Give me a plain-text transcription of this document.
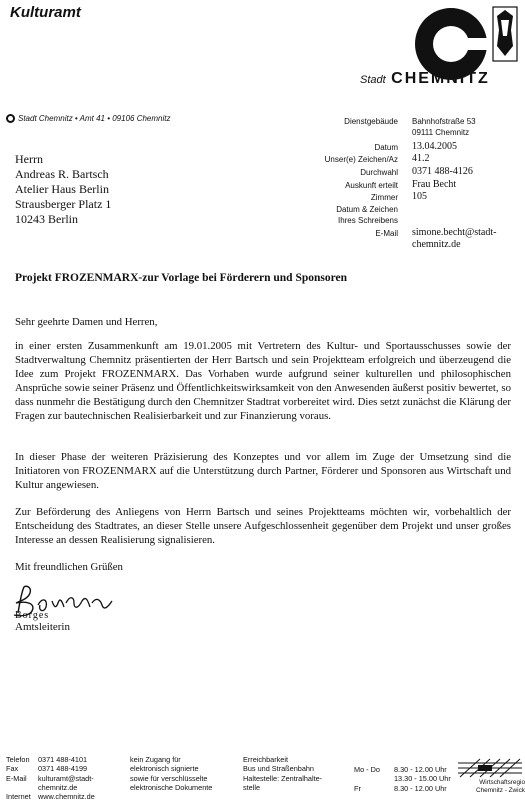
Kulturamt
Stadt CHEMNITZ
Stadt Chemnitz • Amt 41 • 09106 Chemnitz	Dienstgebäude Bahnhofstraße 53
09111 Chemnitz
Datum 13.04.2005
Unser(e) Zeichen/Az 41.2
Durchwahl 0371 488-4126
Auskunft erteilt Frau Becht
Zimmer 105
Datum & Zeichen
Ihres Schreibens
E-Mail simone.becht@stadt-
chemnitz.de
Herrn
Andreas R. Bartsch
Atelier Haus Berlin
Strausberger Platz 1
10243 Berlin
Projekt FROZENMARX-zur Vorlage bei Förderern und Sponsoren
Sehr geehrte Damen und Herren,
in einer ersten Zusammenkunft am 19.01.2005 mit Vertretern des Kultur- und Sportausschusses sowie der Stadtverwaltung Chemnitz präsentierten der Herr Bartsch und sein Projektteam erfolgreich und überzeugend die Idee zum Projekt FROZENMARX. Das Vorhaben wurde aufgrund seiner kulturellen und philosophischen Ansprüche sowie seiner Präsenz und Öffentlichkeitswirksamkeit von den Anwesenden äußerst positiv bewertet, so dass nunmehr die Bestätigung durch den Chemnitzer Stadtrat vorbereitet wird. Dies setzt zunächst die Klärung der Fragen zur bautechnischen Realisierbarkeit und zur Finanzierung voraus.
In dieser Phase der weiteren Präzisierung des Konzeptes und vor allem im Zuge der Umsetzung sind die Initiatoren von FROZENMARX auf die Unterstützung durch Partner, Förderer und Sponsoren aus Wirtschaft und Kultur angewiesen.
Zur Beförderung des Anliegens von Herrn Bartsch und seines Projektteams möchten wir, vorbehaltlich der Entscheidung des Stadtrates, an dieser Stelle unsere Aufgeschlossenheit gegenüber dem Projekt und unser großes Interesse an dessen Realisierung signalisieren.
Mit freundlichen Grüßen
Borges
Amtsleiterin
Telefon 0371 488-4101
Fax	0371 488-4199
E-Mail kulturamt@stadt-
chemnitz.de
Internet www.chemnitz.de
kein Zugang für
elektronisch signierte
sowie für verschlüsselte
elektronische Dokumente
Erreichbarkeit
Bus und Straßenbahn
Haltestelle: Zentralhalte-
stelle
Mo - Do 8.30 - 12.00 Uhr
13.30 - 15.00 Uhr
Fr	8.30 - 12.00 Uhr
Wirtschaftsregio
Chemnitz - Zwick
